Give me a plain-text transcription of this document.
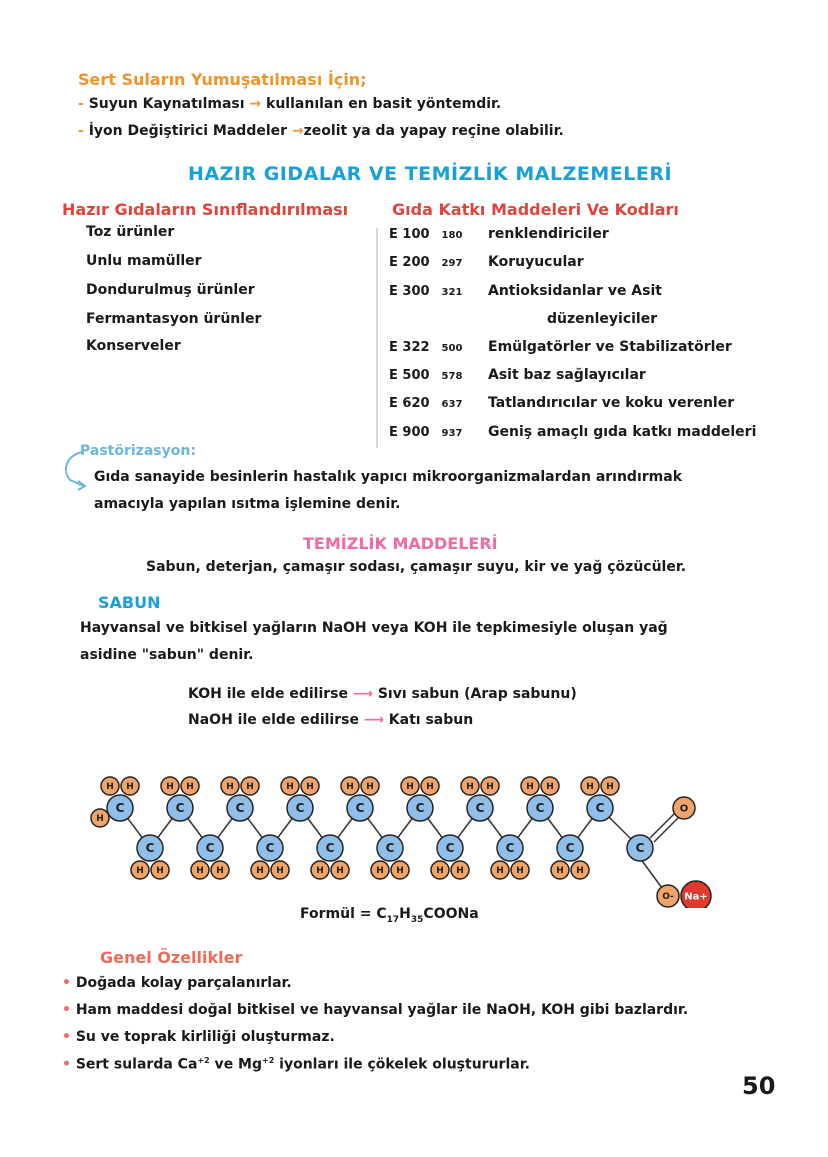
Sert Suların Yumuşatılması İçin;
- Suyun Kaynatılması → kullanılan en basit yöntemdir.
- İyon Değiştirici Maddeler →zeolit ya da yapay reçine olabilir.
HAZIR GIDALAR VE TEMİZLİK MALZEMELERİ
Hazır Gıdaların Sınıflandırılması
Toz ürünler
Unlu mamüller
Dondurulmuş ürünler
Fermantasyon ürünler
Konserveler
Gıda Katkı Maddeleri Ve Kodları
E 100 180 renklendiriciler
E 200 297 Koruyucular
E 300 321 Antioksidanlar ve Asit
düzenleyiciler
E 322 500 Emülgatörler ve Stabilizatörler
E 500 578 Asit baz sağlayıcılar
E 620 637 Tatlandırıcılar ve koku verenler
E 900 937 Geniş amaçlı gıda katkı maddeleri
Pastörizasyon:
Gıda sanayide besinlerin hastalık yapıcı mikroorganizmalardan arındırmak
amacıyla yapılan ısıtma işlemine denir.
TEMİZLİK MADDELERİ
Sabun, deterjan, çamaşır sodası, çamaşır suyu, kir ve yağ çözücüler.
SABUN
Hayvansal ve bitkisel yağların NaOH veya KOH ile tepkimesiyle oluşan yağ
asidine "sabun" denir.
KOH ile elde edilirse ⟶ Sıvı sabun (Arap sabunu)
NaOH ile elde edilirse ⟶ Katı sabun
H H
H H
H H
H H
H H
H H
H H
H H
H H
H H
H H
H H
H H
H H
H H
H H
H H
H
C
C
C
C
C
C
C
C
C
C
C
C
C
C
C
C
C
C
O
O- Na+
Formül = $C_{17}H_{35}COONa$
Genel Özellikler
• Doğada kolay parçalanırlar.
• Ham maddesi doğal bitkisel ve hayvansal yağlar ile NaOH, KOH gibi bazlardır.
• Su ve toprak kirliliği oluşturmaz.
• Sert sularda $Ca^{+2}$ ve $Mg^{+2}$ iyonları ile çökelek oluştururlar.
50
